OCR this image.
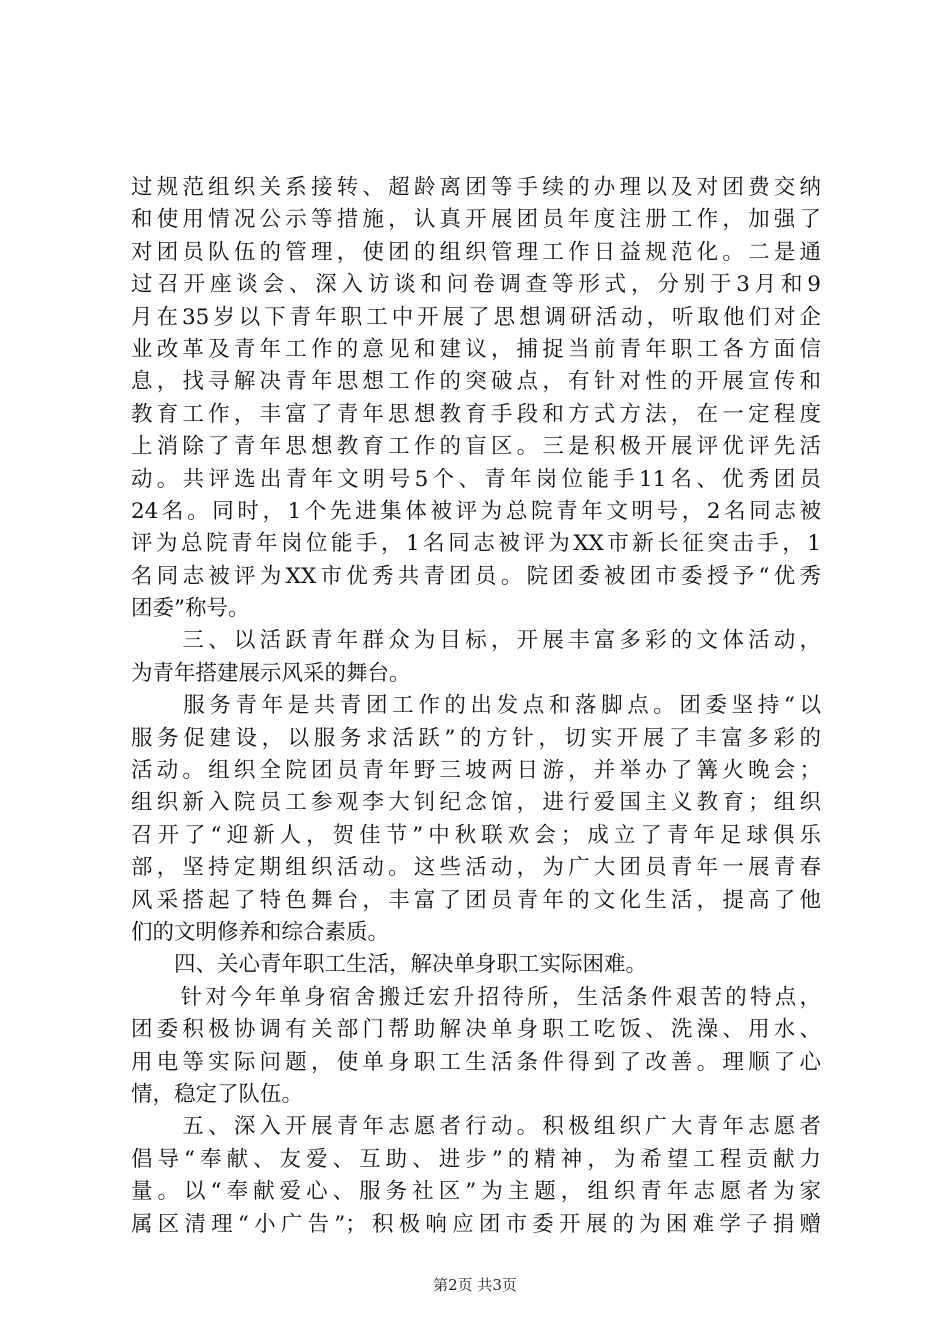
过规范组织关系接转、超龄离团等手续的办理以及对团费交纳
和使用情况公示等措施，认真开展团员年度注册工作，加强了
对团员队伍的管理，使团的组织管理工作日益规范化。二是通
过召开座谈会、深入访谈和问卷调查等形式，分别于3月和9
月在35岁以下青年职工中开展了思想调研活动，听取他们对企
业改革及青年工作的意见和建议，捕捉当前青年职工各方面信
息，找寻解决青年思想工作的突破点，有针对性的开展宣传和
教育工作，丰富了青年思想教育手段和方式方法，在一定程度
上消除了青年思想教育工作的盲区。三是积极开展评优评先活
动。共评选出青年文明号5个、青年岗位能手11名、优秀团员
24名。同时，1个先进集体被评为总院青年文明号，2名同志被
评为总院青年岗位能手，1名同志被评为XX市新长征突击手，1
名同志被评为XX市优秀共青团员。院团委被团市委授予“优秀
团委”称号。
　　三、以活跃青年群众为目标，开展丰富多彩的文体活动，
为青年搭建展示风采的舞台。
　　服务青年是共青团工作的出发点和落脚点。团委坚持“以
服务促建设，以服务求活跃”的方针，切实开展了丰富多彩的
活动。组织全院团员青年野三坡两日游，并举办了篝火晚会；
组织新入院员工参观李大钊纪念馆，进行爱国主义教育；组织
召开了“迎新人，贺佳节”中秋联欢会；成立了青年足球俱乐
部，坚持定期组织活动。这些活动，为广大团员青年一展青春
风采搭起了特色舞台，丰富了团员青年的文化生活，提高了他
们的文明修养和综合素质。
　　四、关心青年职工生活，解决单身职工实际困难。
　　针对今年单身宿舍搬迁宏升招待所，生活条件艰苦的特点，
团委积极协调有关部门帮助解决单身职工吃饭、洗澡、用水、
用电等实际问题，使单身职工生活条件得到了改善。理顺了心
情，稳定了队伍。
　　五、深入开展青年志愿者行动。积极组织广大青年志愿者
倡导“奉献、友爱、互助、进步”的精神，为希望工程贡献力
量。以“奉献爱心、服务社区”为主题，组织青年志愿者为家
属区清理“小广告”；积极响应团市委开展的为困难学子捐赠
第2页 共3页
